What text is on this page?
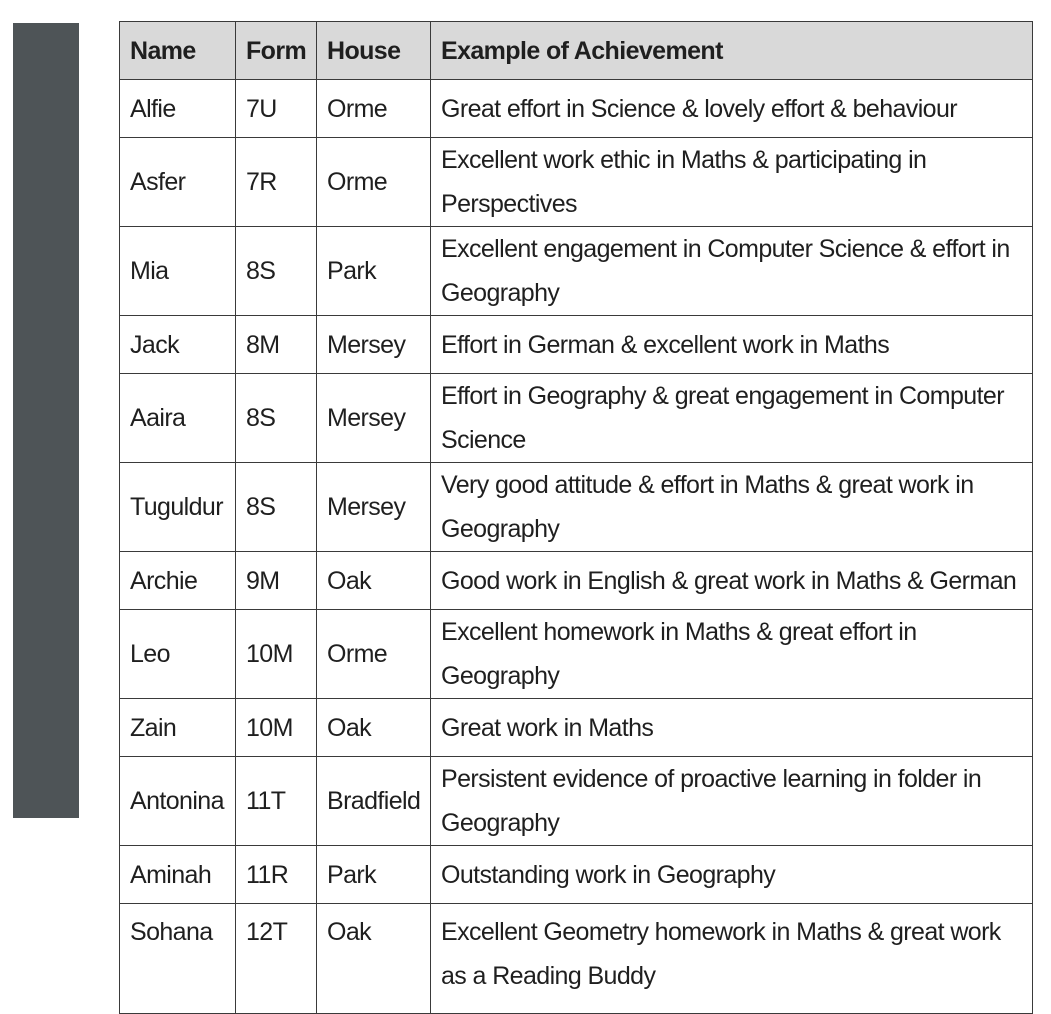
Name	Form	House	Example of Achievement
Alfie	7U	Orme	Great effort in Science & lovely effort & behaviour
Asfer	7R	Orme	Excellent work ethic in Maths & participating in Perspectives
Mia	8S	Park	Excellent engagement in Computer Science & effort in Geography
Jack	8M	Mersey	Effort in German & excellent work in Maths
Aaira	8S	Mersey	Effort in Geography & great engagement in Computer Science
Tuguldur	8S	Mersey	Very good attitude & effort in Maths & great work in Geography
Archie	9M	Oak	Good work in English & great work in Maths & German
Leo	10M	Orme	Excellent homework in Maths & great effort in Geography
Zain	10M	Oak	Great work in Maths
Antonina	11T	Bradfield	Persistent evidence of proactive learning in folder in Geography
Aminah	11R	Park	Outstanding work in Geography
Sohana	12T	Oak	Excellent Geometry homework in Maths & great work as a Reading Buddy
